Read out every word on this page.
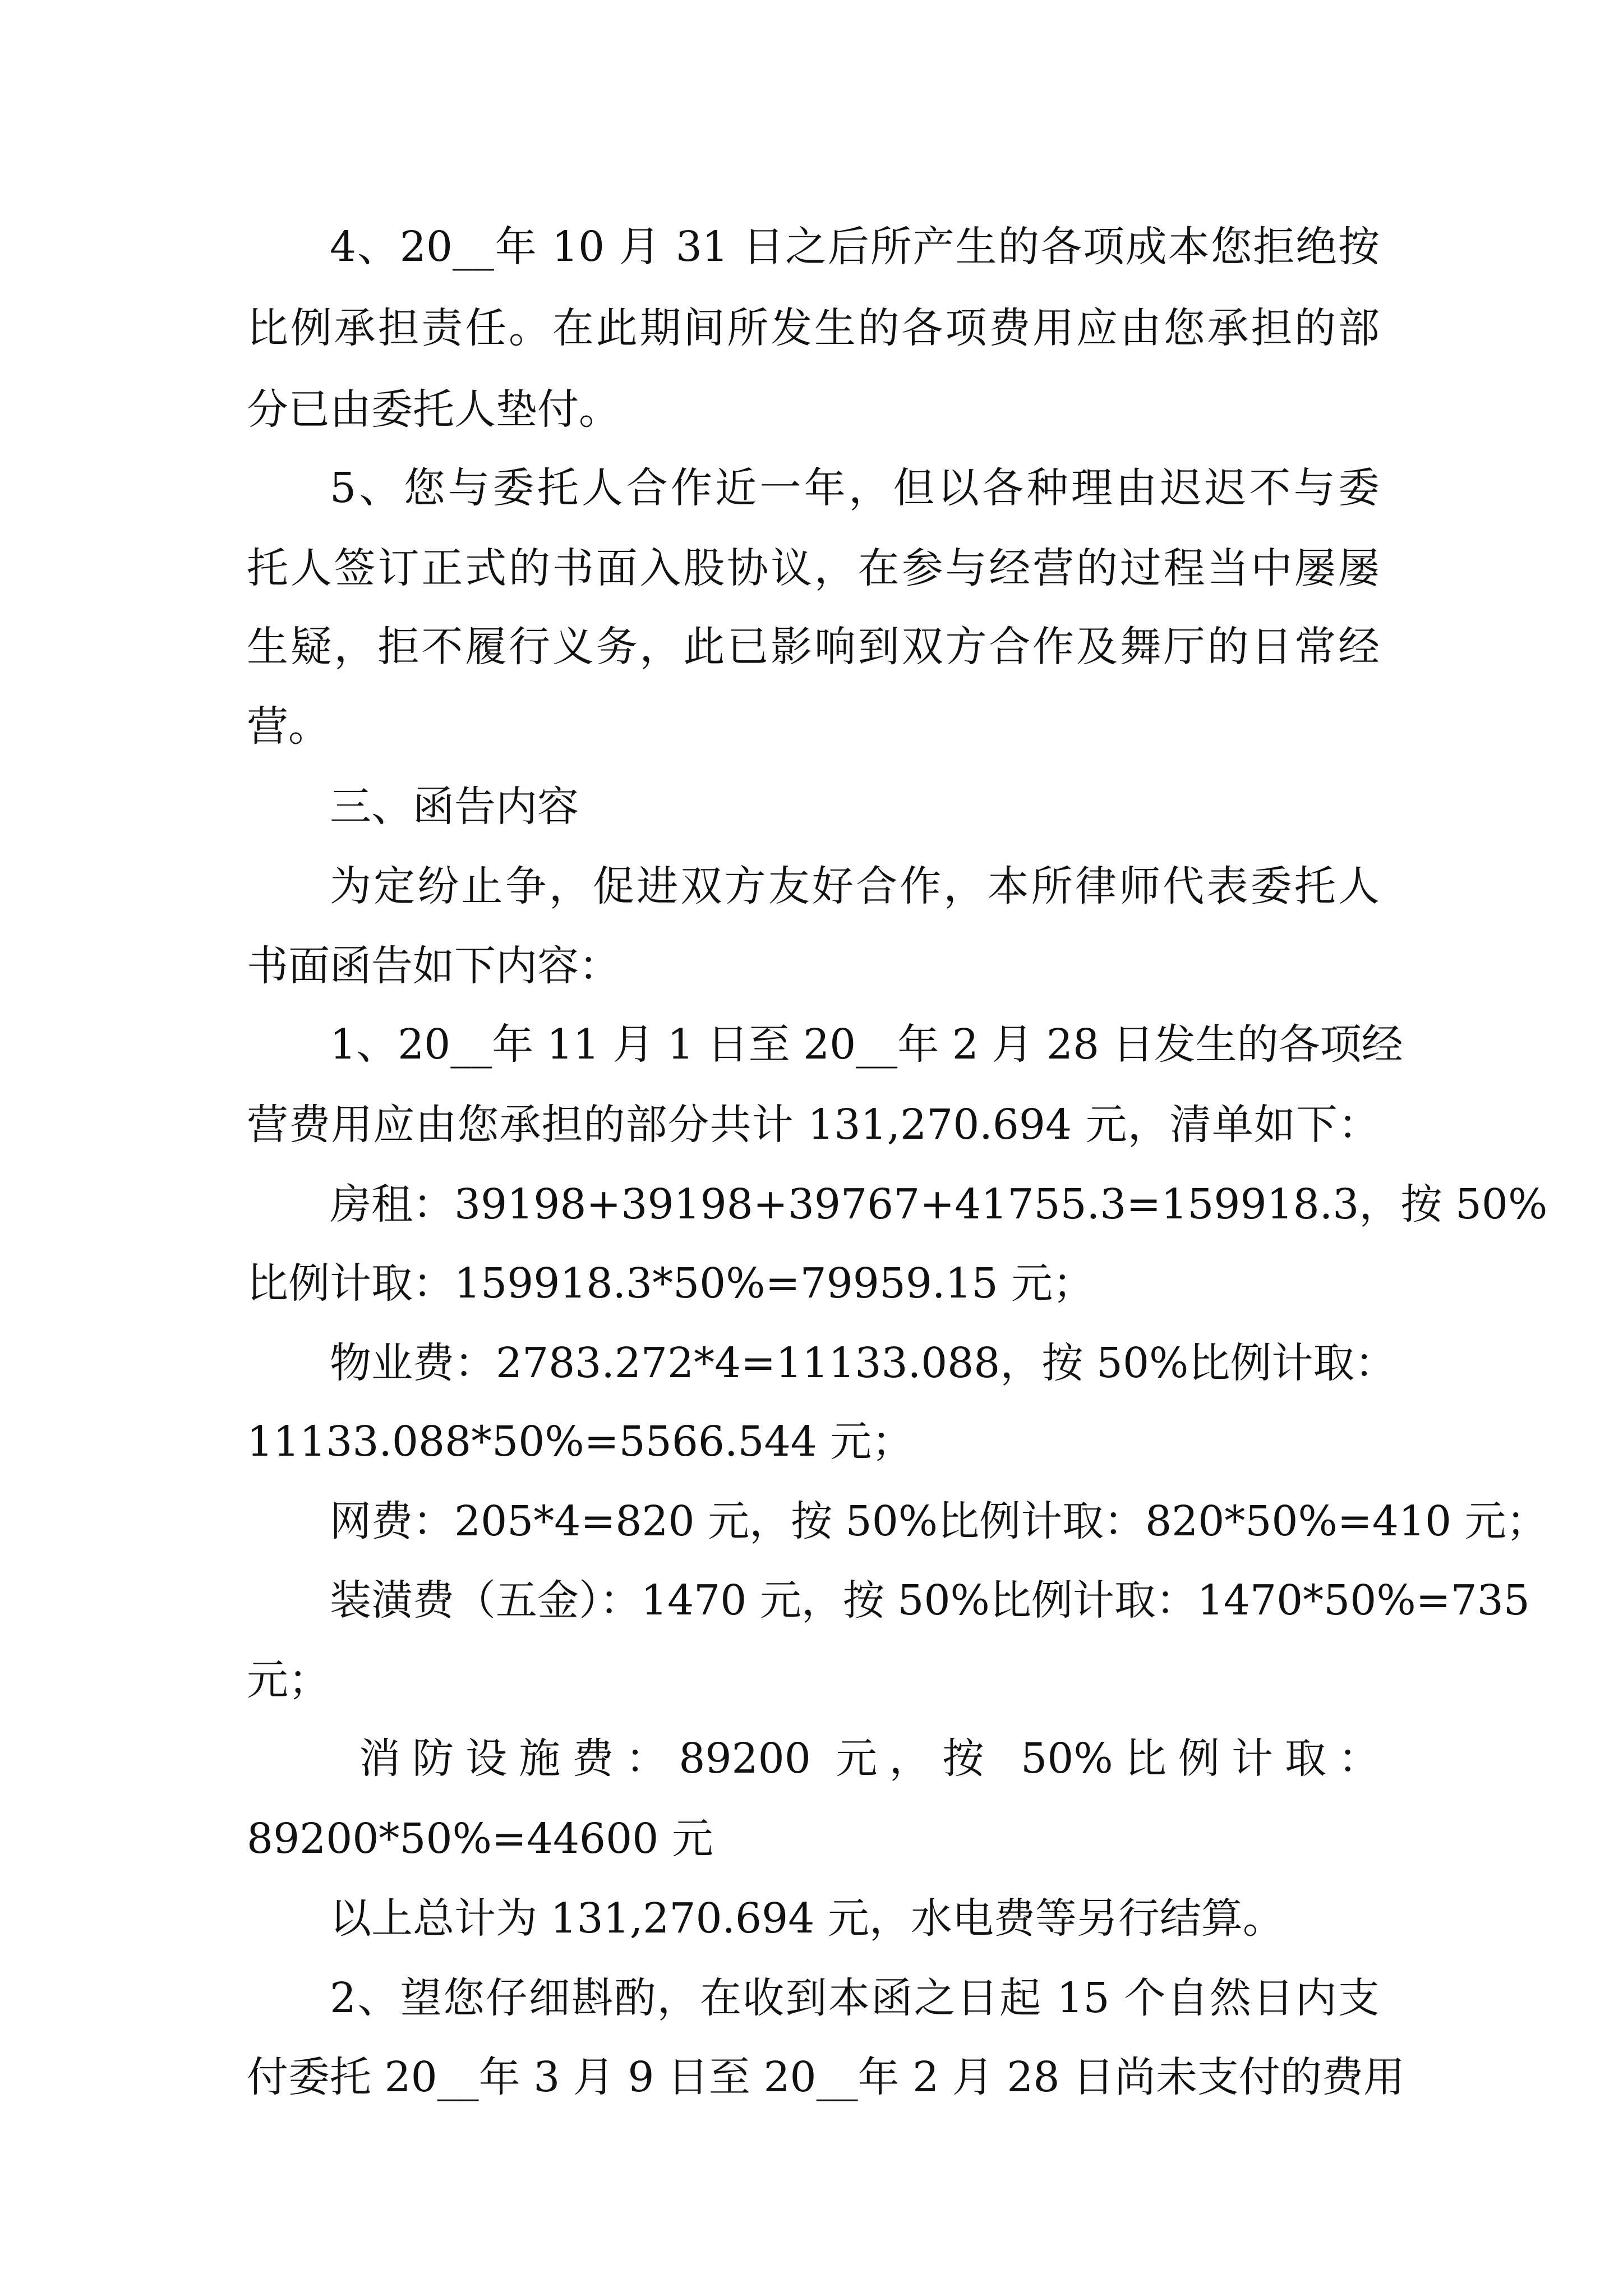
4、20__年 10 月 31 日之后所产生的各项成本您拒绝按
比例承担责任。在此期间所发生的各项费用应由您承担的部
分已由委托人垫付。
5、您与委托人合作近一年，但以各种理由迟迟不与委
托人签订正式的书面入股协议，在参与经营的过程当中屡屡
生疑，拒不履行义务，此已影响到双方合作及舞厅的日常经
营。
三、函告内容
为定纷止争，促进双方友好合作，本所律师代表委托人
书面函告如下内容：
1、20__年 11 月 1 日至 20__年 2 月 28 日发生的各项经
营费用应由您承担的部分共计 131,270.694 元，清单如下：
房租：39198+39198+39767+41755.3=159918.3，按 50%
比例计取：159918.3*50%=79959.15 元；
物业费：2783.272*4=11133.088，按 50%比例计取：
11133.088*50%=5566.544 元；
网费：205*4=820 元，按 50%比例计取：820*50%=410 元；
装潢费（五金）：1470 元，按 50%比例计取：1470*50%=735
元；
消防设施费：89200 元，按 50%比例计取：
89200*50%=44600 元
以上总计为 131,270.694 元，水电费等另行结算。
2、望您仔细斟酌，在收到本函之日起 15 个自然日内支
付委托 20__年 3 月 9 日至 20__年 2 月 28 日尚未支付的费用
